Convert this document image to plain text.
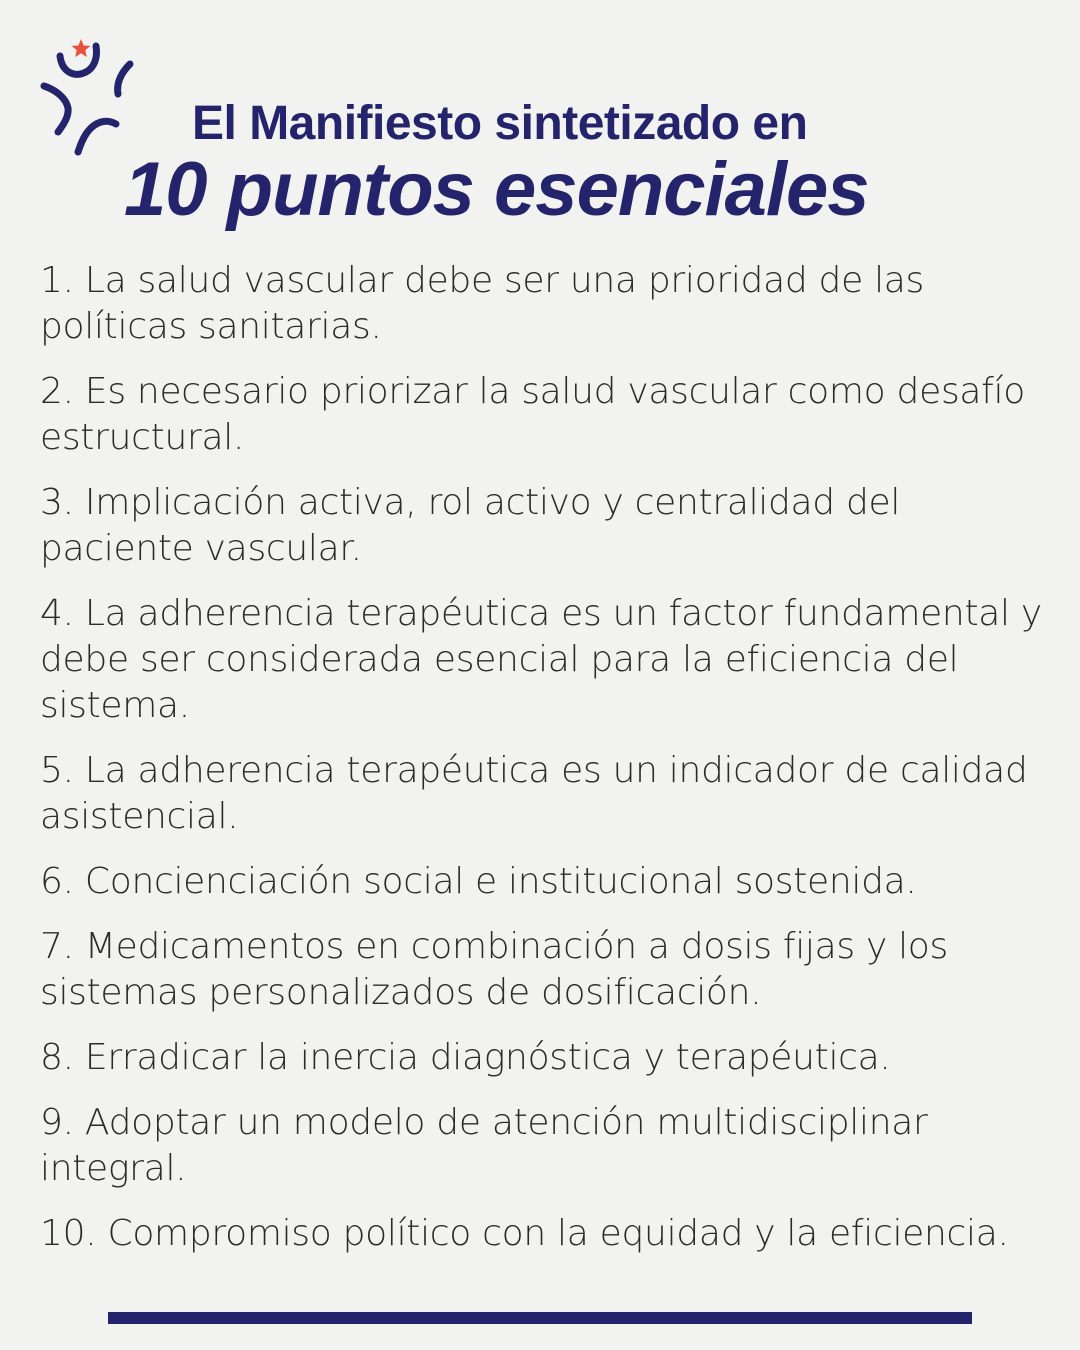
El Manifiesto sintetizado en
10 puntos esenciales
1. La salud vascular debe ser una prioridad de las políticas sanitarias.
2. Es necesario priorizar la salud vascular como desafío estructural.
3. Implicación activa, rol activo y centralidad del paciente vascular.
4. La adherencia terapéutica es un factor fundamental y debe ser considerada esencial para la eficiencia del sistema.
5. La adherencia terapéutica es un indicador de calidad asistencial.
6. Concienciación social e institucional sostenida.
7. Medicamentos en combinación a dosis fijas y los sistemas personalizados de dosificación.
8. Erradicar la inercia diagnóstica y terapéutica.
9. Adoptar un modelo de atención multidisciplinar integral.
10. Compromiso político con la equidad y la eficiencia.
